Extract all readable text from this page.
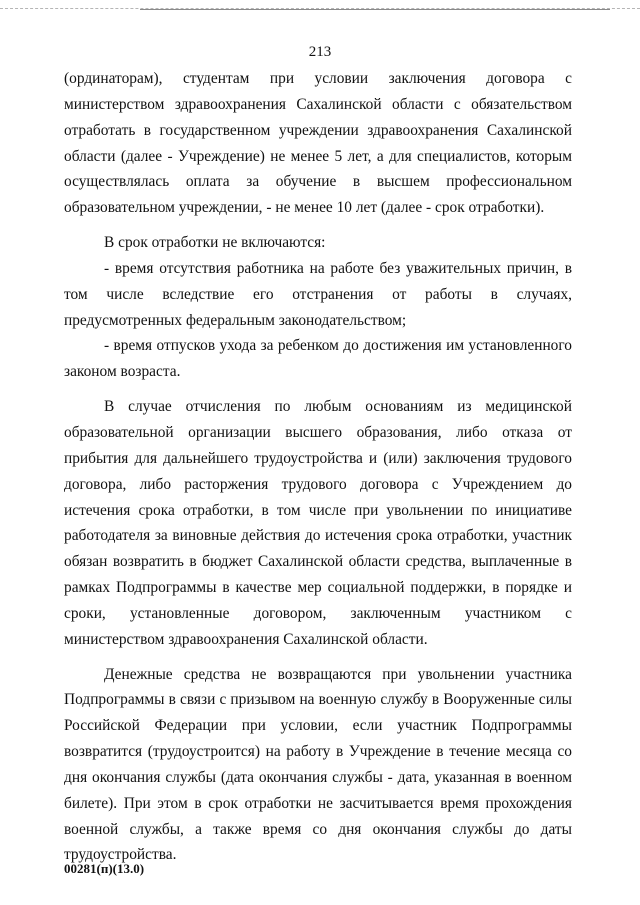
213

(ординаторам), студентам при условии заключения договора с министерством здравоохранения Сахалинской области с обязательством отработать в государственном учреждении здравоохранения Сахалинской области (далее - Учреждение) не менее 5 лет, а для специалистов, которым осуществлялась оплата за обучение в высшем профессиональном образовательном учреждении, - не менее 10 лет (далее - срок отработки).

В срок отработки не включаются:

- время отсутствия работника на работе без уважительных причин, в том числе вследствие его отстранения от работы в случаях, предусмотренных федеральным законодательством;

- время отпусков ухода за ребенком до достижения им установленного законом возраста.

В случае отчисления по любым основаниям из медицинской образовательной организации высшего образования, либо отказа от прибытия для дальнейшего трудоустройства и (или) заключения трудового договора, либо расторжения трудового договора с Учреждением до истечения срока отработки, в том числе при увольнении по инициативе работодателя за виновные действия до истечения срока отработки, участник обязан возвратить в бюджет Сахалинской области средства, выплаченные в рамках Подпрограммы в качестве мер социальной поддержки, в порядке и сроки, установленные договором, заключенным участником с министерством здравоохранения Сахалинской области.

Денежные средства не возвращаются при увольнении участника Подпрограммы в связи с призывом на военную службу в Вооруженные силы Российской Федерации при условии, если участник Подпрограммы возвратится (трудоустроится) на работу в Учреждение в течение месяца со дня окончания службы (дата окончания службы - дата, указанная в военном билете). При этом в срок отработки не засчитывается время прохождения военной службы, а также время со дня окончания службы до даты трудоустройства.

00281(п)(13.0)
